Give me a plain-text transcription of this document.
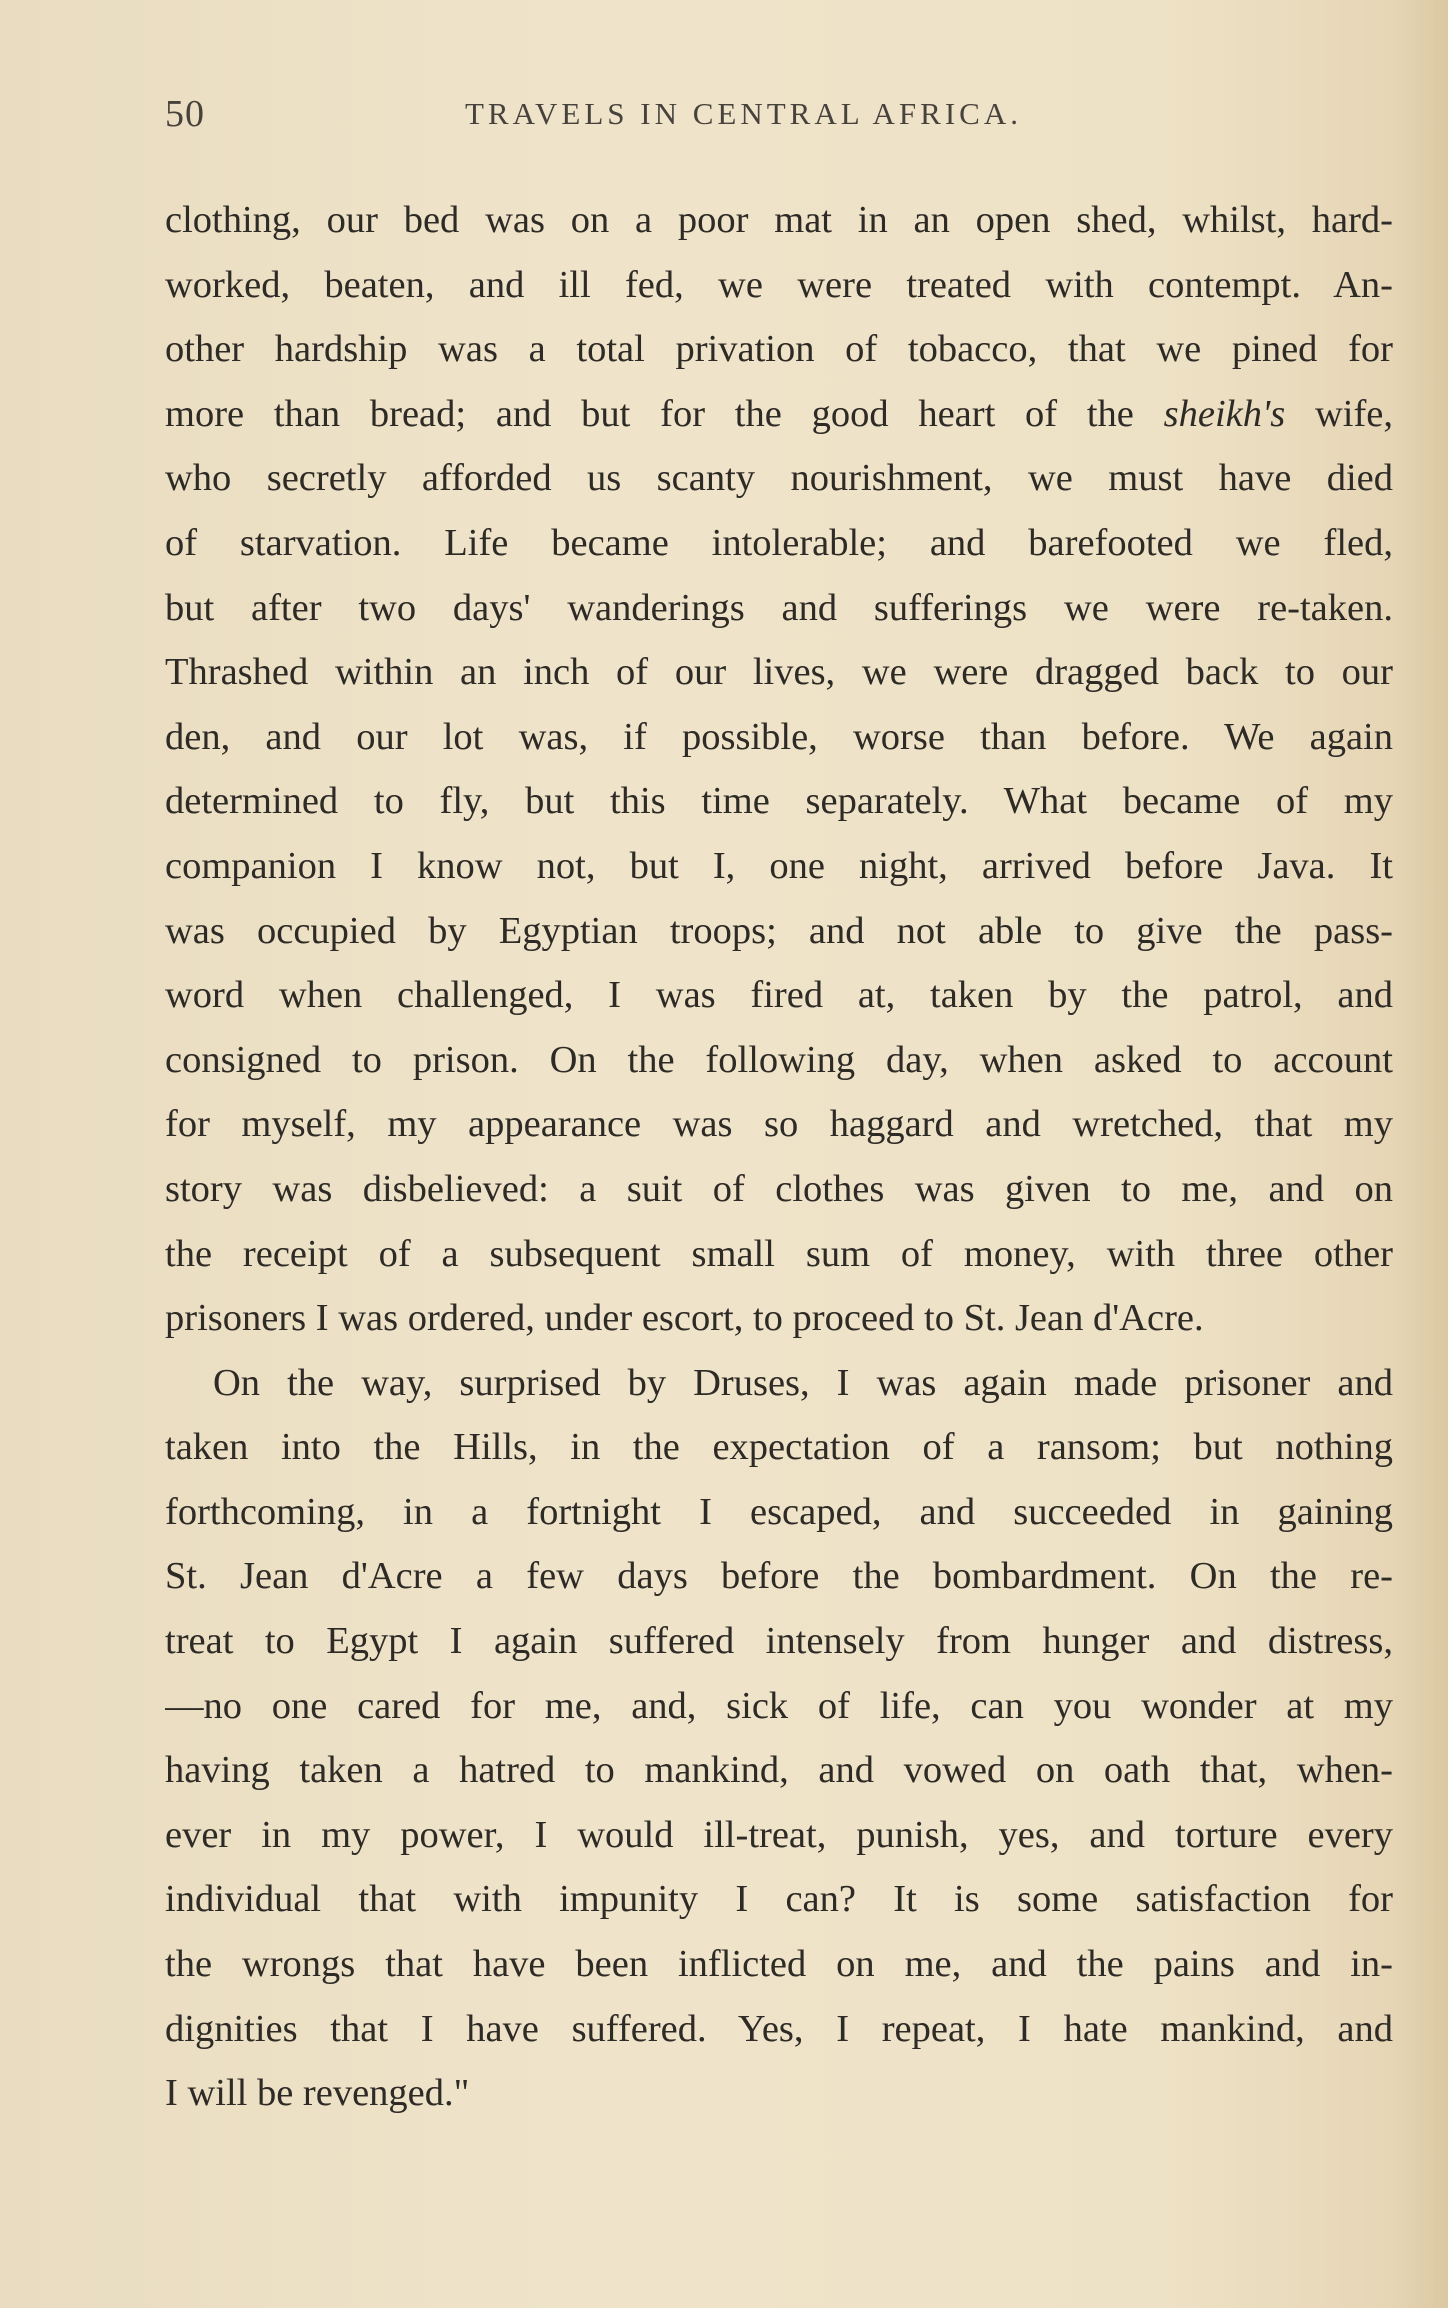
50	TRAVELS IN CENTRAL AFRICA.
clothing, our bed was on a poor mat in an open shed, whilst, hard-
worked, beaten, and ill fed, we were treated with contempt. An-
other hardship was a total privation of tobacco, that we pined for
more than bread; and but for the good heart of the sheikh's wife,
who secretly afforded us scanty nourishment, we must have died
of starvation. Life became intolerable; and barefooted we fled,
but after two days' wanderings and sufferings we were re-taken.
Thrashed within an inch of our lives, we were dragged back to our
den, and our lot was, if possible, worse than before. We again
determined to fly, but this time separately. What became of my
companion I know not, but I, one night, arrived before Java. It
was occupied by Egyptian troops; and not able to give the pass-
word when challenged, I was fired at, taken by the patrol, and
consigned to prison. On the following day, when asked to account
for myself, my appearance was so haggard and wretched, that my
story was disbelieved: a suit of clothes was given to me, and on
the receipt of a subsequent small sum of money, with three other
prisoners I was ordered, under escort, to proceed to St. Jean d'Acre.
On the way, surprised by Druses, I was again made prisoner and
taken into the Hills, in the expectation of a ransom; but nothing
forthcoming, in a fortnight I escaped, and succeeded in gaining
St. Jean d'Acre a few days before the bombardment. On the re-
treat to Egypt I again suffered intensely from hunger and distress,
—no one cared for me, and, sick of life, can you wonder at my
having taken a hatred to mankind, and vowed on oath that, when-
ever in my power, I would ill-treat, punish, yes, and torture every
individual that with impunity I can? It is some satisfaction for
the wrongs that have been inflicted on me, and the pains and in-
dignities that I have suffered. Yes, I repeat, I hate mankind, and
I will be revenged."
